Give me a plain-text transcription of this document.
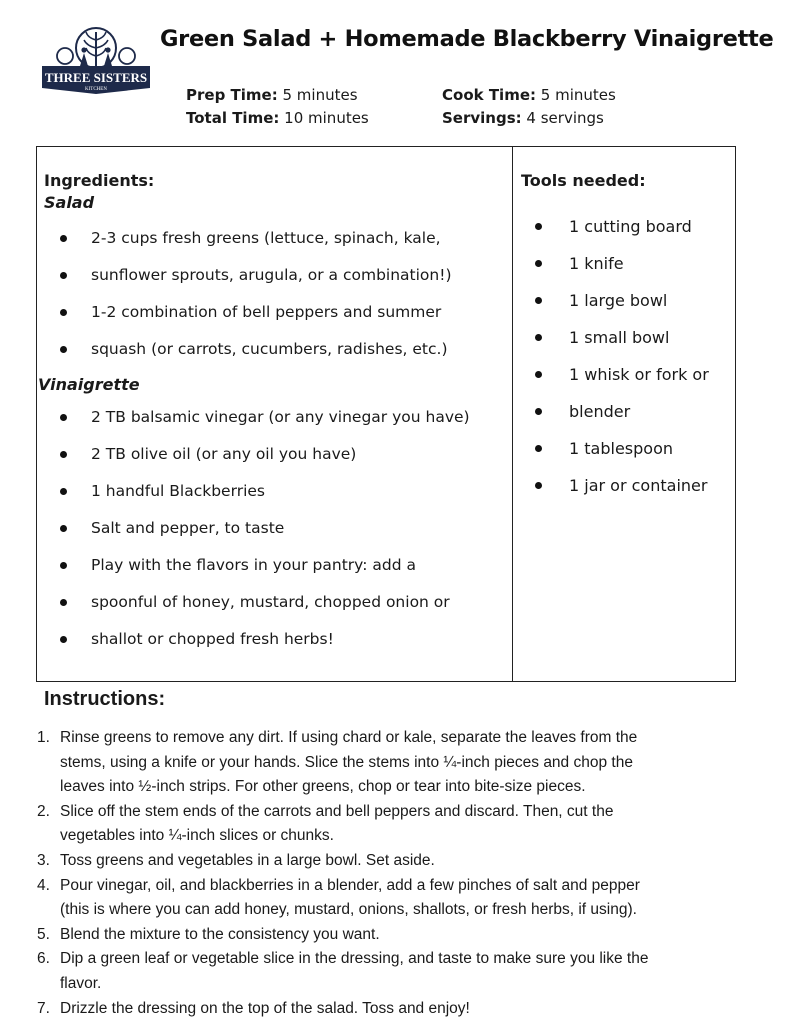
THREE SISTERS
KITCHEN
Green Salad + Homemade Blackberry Vinaigrette
Prep Time: 5 minutes
Total Time: 10 minutes
Cook Time: 5 minutes
Servings: 4 servings
Ingredients:
Salad
2-3 cups fresh greens (lettuce, spinach, kale,
sunflower sprouts, arugula, or a combination!)
1-2 combination of bell peppers and summer
squash (or carrots, cucumbers, radishes, etc.)
Vinaigrette
2 TB balsamic vinegar (or any vinegar you have)
2 TB olive oil (or any oil you have)
1 handful Blackberries
Salt and pepper, to taste
Play with the flavors in your pantry: add a
spoonful of honey, mustard, chopped onion or
shallot or chopped fresh herbs!
Tools needed:
1 cutting board
1 knife
1 large bowl
1 small bowl
1 whisk or fork or
blender
1 tablespoon
1 jar or container
Instructions:
1. Rinse greens to remove any dirt. If using chard or kale, separate the leaves from the
stems, using a knife or your hands. Slice the stems into ¼-inch pieces and chop the
leaves into ½-inch strips. For other greens, chop or tear into bite-size pieces.
2. Slice off the stem ends of the carrots and bell peppers and discard. Then, cut the
vegetables into ¼-inch slices or chunks.
3. Toss greens and vegetables in a large bowl. Set aside.
4. Pour vinegar, oil, and blackberries in a blender, add a few pinches of salt and pepper
(this is where you can add honey, mustard, onions, shallots, or fresh herbs, if using).
5. Blend the mixture to the consistency you want.
6. Dip a green leaf or vegetable slice in the dressing, and taste to make sure you like the
flavor.
7. Drizzle the dressing on the top of the salad. Toss and enjoy!
